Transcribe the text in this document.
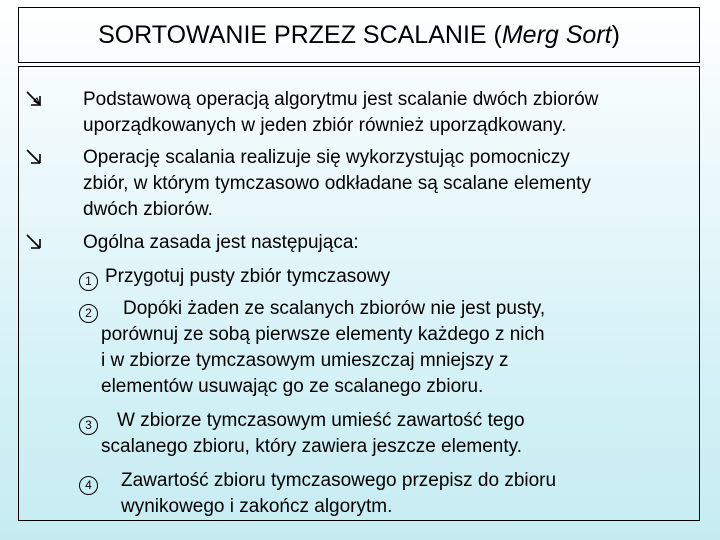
SORTOWANIE PRZEZ SCALANIE (Merg Sort)
Podstawową operacją algorytmu jest scalanie dwóch zbiorów
uporządkowanych w jeden zbiór również uporządkowany.
Operację scalania realizuje się wykorzystując pomocniczy
zbiór, w którym tymczasowo odkładane są scalane elementy
dwóch zbiorów.
Ogólna zasada jest następująca:
1 Przygotuj pusty zbiór tymczasowy
2	Dopóki żaden ze scalanych zbiorów nie jest pusty,
porównuj ze sobą pierwsze elementy każdego z nich
i w zbiorze tymczasowym umieszczaj mniejszy z
elementów usuwając go ze scalanego zbioru.
3	W zbiorze tymczasowym umieść zawartość tego
scalanego zbioru, który zawiera jeszcze elementy.
4	Zawartość zbioru tymczasowego przepisz do zbioru
wynikowego i zakończ algorytm.
